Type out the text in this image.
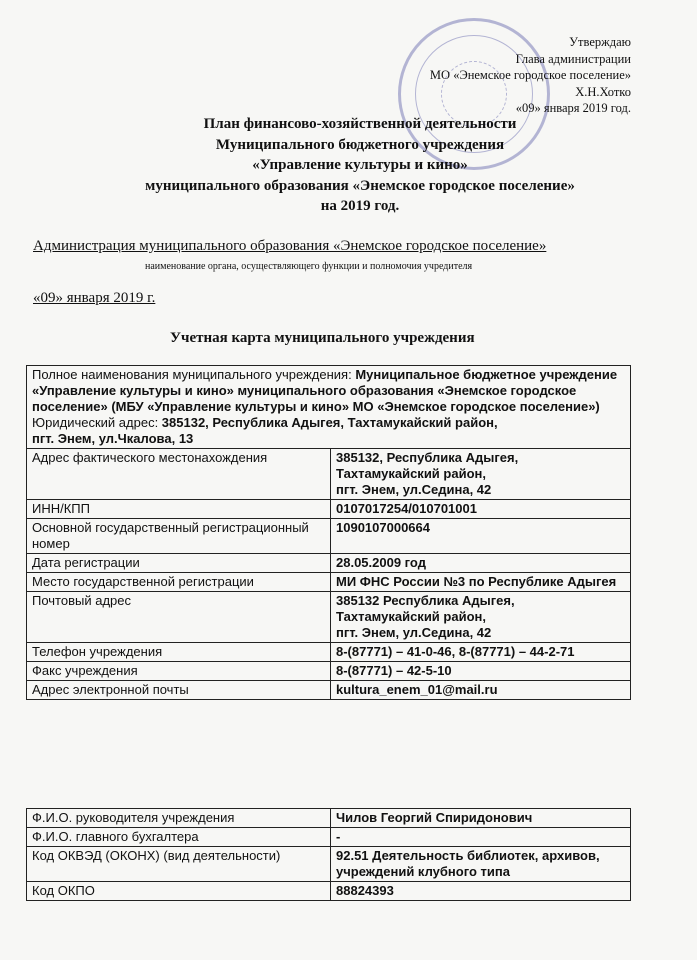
Утверждаю
Глава администрации
МО «Энемское городское поселение»
Х.Н.Хотко
«09» января 2019 год.
План финансово-хозяйственной деятельности
Муниципального бюджетного учреждения
«Управление культуры и кино»
муниципального образования «Энемское городское поселение»
на 2019 год.
Администрация муниципального образования «Энемское городское поселение»
наименование органа, осуществляющего функции и полномочия учредителя
«09» января 2019 г.
Учетная карта муниципального учреждения
Полное наименования муниципального учреждения: Муниципальное бюджетное учреждение «Управление культуры и кино» муниципального образования «Энемское городское поселение» (МБУ «Управление культуры и кино» МО «Энемское городское поселение»)
Юридический адрес: 385132, Республика Адыгея, Тахтамукайский район,
пгт. Энем, ул.Чкалова, 13	
Адрес фактического местонахождения	385132, Республика Адыгея,
Тахтамукайский район,
пгт. Энем, ул.Седина, 42

ИНН/КПП	0107017254/010701001

Основной государственный регистрационный номер	1090107000664

Дата регистрации	28.05.2009 год

Место государственной регистрации	МИ ФНС России №3 по Республике Адыгея

Почтовый адрес	385132 Республика Адыгея,
Тахтамукайский район,
пгт. Энем, ул.Седина, 42

Телефон учреждения	8-(87771) – 41-0-46, 8-(87771) – 44-2-71

Факс учреждения	8-(87771) – 42-5-10

Адрес электронной почты	kultura_enem_01@mail.ru
Ф.И.О. руководителя учреждения	Чилов Георгий Спиридонович

Ф.И.О. главного бухгалтера	-

Код ОКВЭД (ОКОНХ) (вид деятельности)	92.51 Деятельность библиотек, архивов, учреждений клубного типа

Код ОКПО	88824393
